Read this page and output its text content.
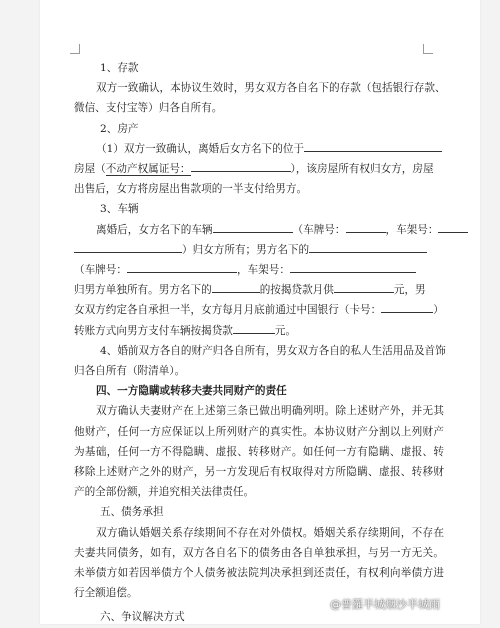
1、存款

双方一致确认，本协议生效时，男女双方各自名下的存款（包括银行存款、

微信、支付宝等）归各自所有。

2、房产

（1）双方一致确认，离婚后女方名下的位于

房屋（不动产权属证号：	），该房屋所有权归女方，房屋

出售后，女方将房屋出售款项的一半支付给男方。

3、车辆

离婚后，女方名下的车辆	（车牌号：	，车架号：

）归女方所有；男方名下的

（车牌号：	，车架号：

归男方单独所有。男方名下的	的按揭贷款月供	元，男

女双方约定各自承担一半，女方每月月底前通过中国银行（卡号：	）

转账方式向男方支付车辆按揭贷款	元。

4、婚前双方各自的财产归各自所有，男女双方各自的私人生活用品及首饰

归各自所有（附清单）。

四、一方隐瞒或转移夫妻共同财产的责任

双方确认夫妻财产在上述第三条已做出明确列明。除上述财产外，并无其他财产，任何一方应保证以上所列财产的真实性。本协议财产分割以上列财产为基础，任何一方不得隐瞒、虚报、转移财产。如任何一方有隐瞒、虚报、转移除上述财产之外的财产，另一方发现后有权取得对方所隐瞒、虚报、转移财产的全部份额，并追究相关法律责任。

五、债务承担

双方确认婚姻关系存续期间不存在对外债权。婚姻关系存续期间，不存在夫妻共同债务，如有，双方各自名下的债务由各自单独承担，与另一方无关。未举债方如若因举债方个人债务被法院判决承担到还责任，有权利向举债方进行全额追偿。

六、争议解决方式

@普羅半城烟沙半城雨
